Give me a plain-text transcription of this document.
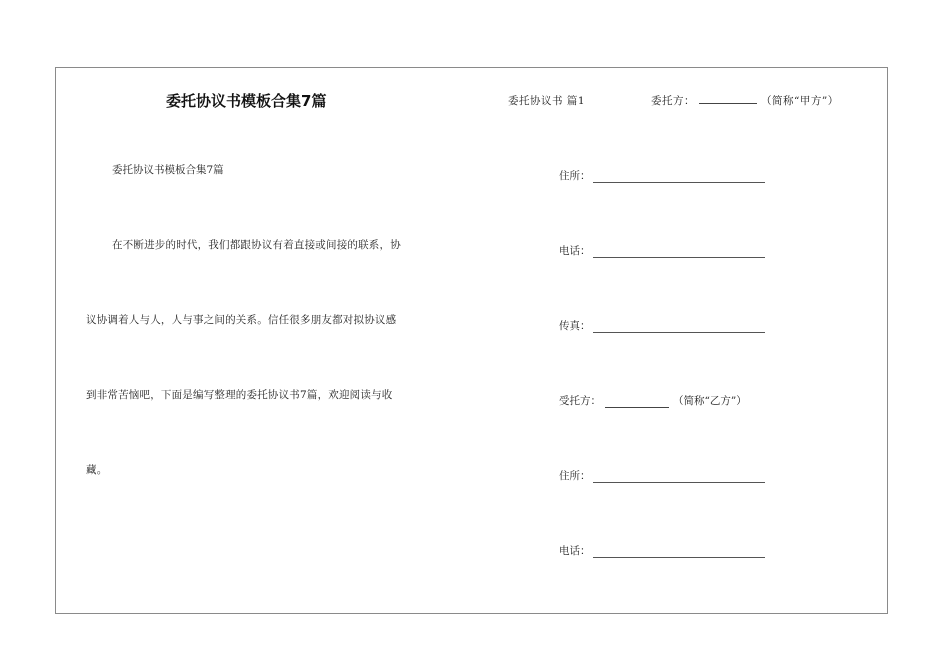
委托协议书模板合集7篇
委托协议书模板合集7篇
在不断进步的时代，我们都跟协议有着直接或间接的联系，协
议协调着人与人，人与事之间的关系。信任很多朋友都对拟协议感
到非常苦恼吧，下面是编写整理的委托协议书7篇，欢迎阅读与收
藏。
委托协议书 篇1	委托方：	（简称“甲方”）
住所：
电话：
传真：
受托方：	（简称“乙方”）
住所：
电话：
